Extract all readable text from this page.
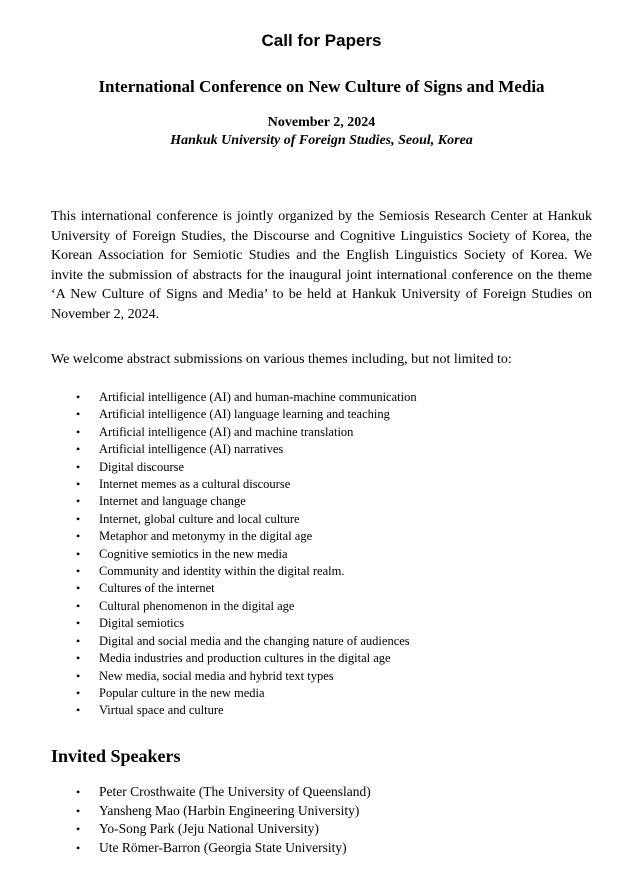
Call for Papers
International Conference on New Culture of Signs and Media
November 2, 2024
Hankuk University of Foreign Studies, Seoul, Korea

This international conference is jointly organized by the Semiosis Research Center at Hankuk University of Foreign Studies, the Discourse and Cognitive Linguistics Society of Korea, the Korean Association for Semiotic Studies and the English Linguistics Society of Korea. We invite the submission of abstracts for the inaugural joint international conference on the theme ‘A New Culture of Signs and Media’ to be held at Hankuk University of Foreign Studies on November 2, 2024.

We welcome abstract submissions on various themes including, but not limited to:

• Artificial intelligence (AI) and human-machine communication
• Artificial intelligence (AI) language learning and teaching
• Artificial intelligence (AI) and machine translation
• Artificial intelligence (AI) narratives
• Digital discourse
• Internet memes as a cultural discourse
• Internet and language change
• Internet, global culture and local culture
• Metaphor and metonymy in the digital age
• Cognitive semiotics in the new media
• Community and identity within the digital realm.
• Cultures of the internet
• Cultural phenomenon in the digital age
• Digital semiotics
• Digital and social media and the changing nature of audiences
• Media industries and production cultures in the digital age
• New media, social media and hybrid text types
• Popular culture in the new media
• Virtual space and culture
Invited Speakers
• Peter Crosthwaite (The University of Queensland)
• Yansheng Mao (Harbin Engineering University)
• Yo-Song Park (Jeju National University)
• Ute Römer-Barron (Georgia State University)
